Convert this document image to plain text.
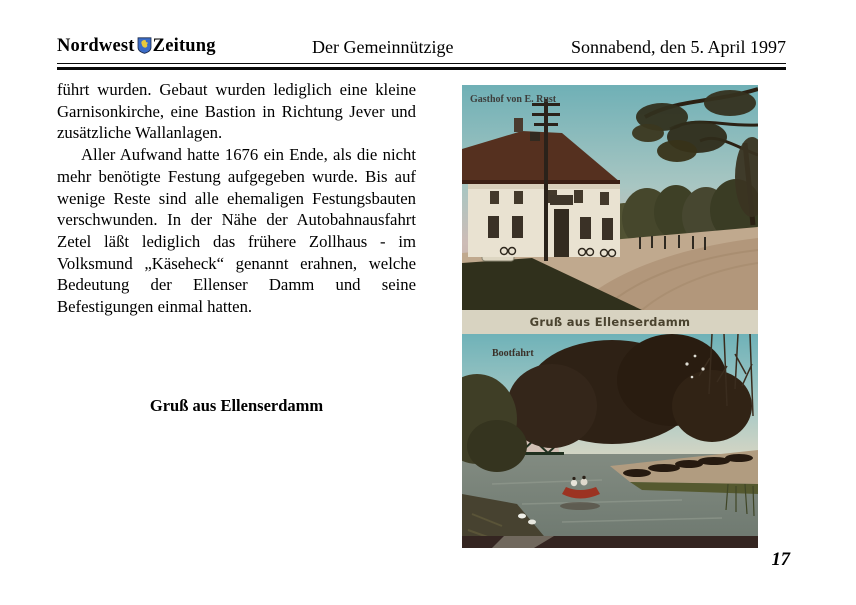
Nordwest Zeitung	Der Gemeinnützige	Sonnabend, den 5. April 1997

führt wurden. Gebaut wurden lediglich eine kleine Garnisonkirche, eine Bastion in Richtung Jever und zusätzliche Wallanlagen.

Aller Aufwand hatte 1676 ein Ende, als die nicht mehr benötigte Festung aufgegeben wurde. Bis auf wenige Reste sind alle ehemaligen Festungsbauten verschwunden. In der Nähe der Autobahnausfahrt Zetel läßt lediglich das frühere Zollhaus - im Volksmund „Käseheck“ genannt erahnen, welche Bedeutung der Ellenser Damm und seine Befestigungen einmal hatten.

Gruß aus Ellenserdamm
Gasthof von E. Rust
Gruß aus Ellenserdamm
Bootfahrt
17
